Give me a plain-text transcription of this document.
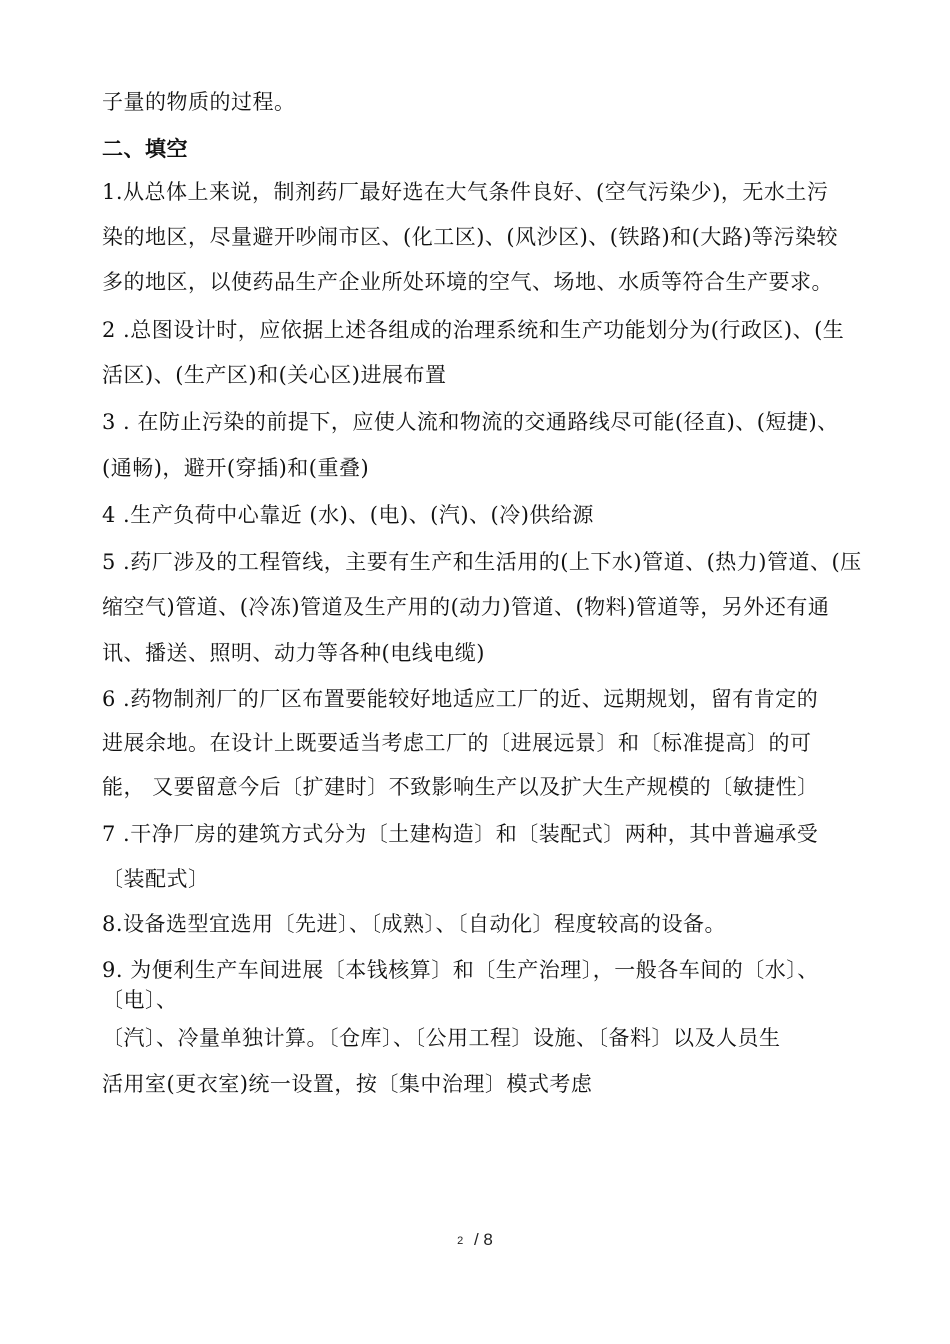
子量的物质的过程。
二、填空
1.从总体上来说，制剂药厂最好选在大气条件良好、(空气污染少)，无水土污
染的地区，尽量避开吵闹市区、(化工区)、(风沙区)、(铁路)和(大路)等污染较
多的地区，以使药品生产企业所处环境的空气、场地、水质等符合生产要求。
2 .总图设计时，应依据上述各组成的治理系统和生产功能划分为(行政区)、(生
活区)、(生产区)和(关心区)进展布置
3 . 在防止污染的前提下，应使人流和物流的交通路线尽可能(径直)、(短捷)、
(通畅)，避开(穿插)和(重叠)
4 .生产负荷中心靠近 (水)、(电)、(汽)、(冷)供给源
5 .药厂涉及的工程管线，主要有生产和生活用的(上下水)管道、(热力)管道、(压
缩空气)管道、(冷冻)管道及生产用的(动力)管道、(物料)管道等，另外还有通
讯、播送、照明、动力等各种(电线电缆)
6 .药物制剂厂的厂区布置要能较好地适应工厂的近、远期规划，留有肯定的
进展余地。在设计上既要适当考虑工厂的〔进展远景〕和〔标准提高〕的可
能， 又要留意今后〔扩建时〕不致影响生产以及扩大生产规模的〔敏捷性〕
7 .干净厂房的建筑方式分为〔土建构造〕和〔装配式〕两种，其中普遍承受
〔装配式〕
8.设备选型宜选用〔先进〕、〔成熟〕、〔自动化〕程度较高的设备。
9. 为便利生产车间进展〔本钱核算〕和〔生产治理〕，一般各车间的〔水〕、
〔电〕、
〔汽〕、冷量单独计算。〔仓库〕、〔公用工程〕设施、〔备料〕以及人员生
活用室(更衣室)统一设置，按〔集中治理〕模式考虑
2 / 8
